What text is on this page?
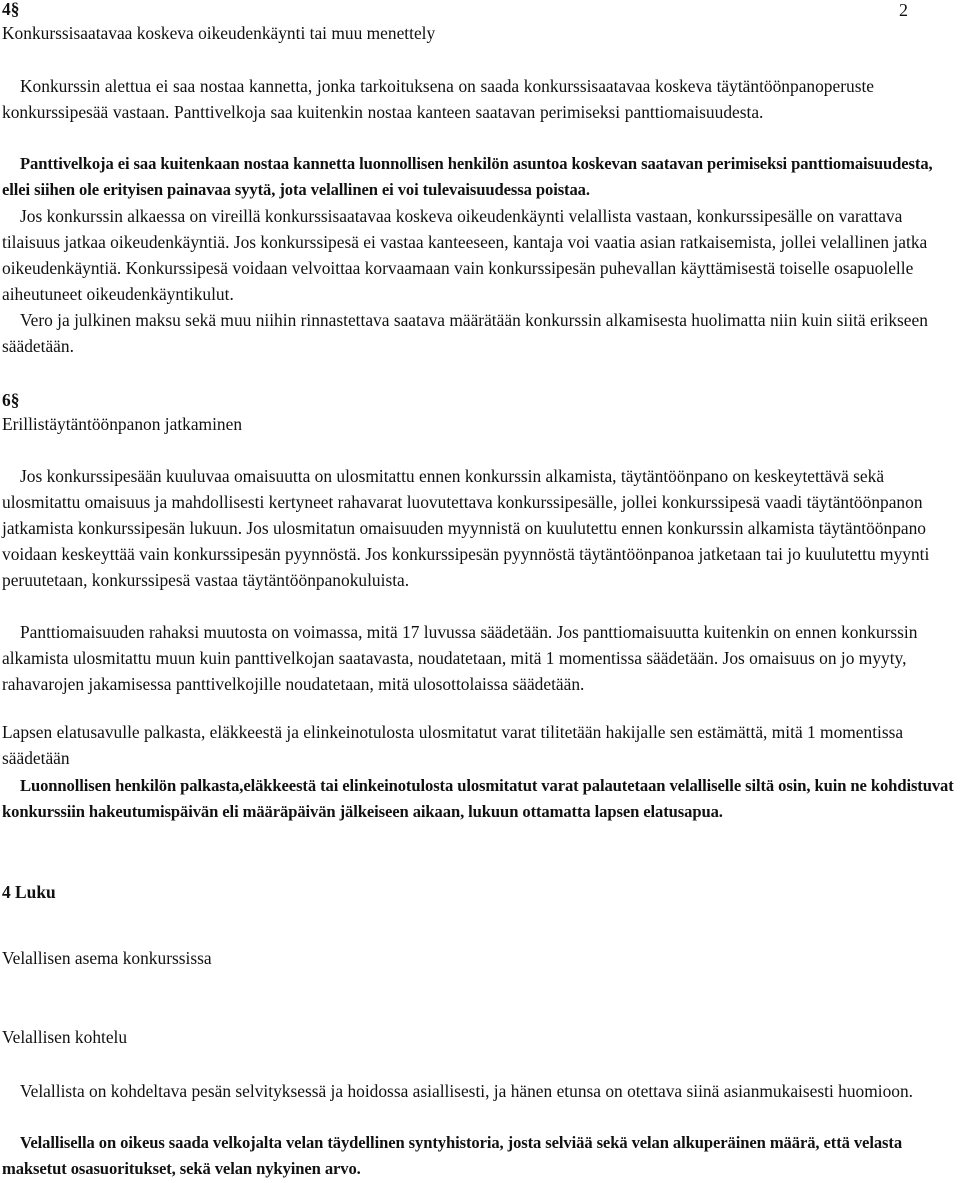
2
4§
Konkurssisaatavaa koskeva oikeudenkäynti tai muu menettely

Konkurssin alettua ei saa nostaa kannetta, jonka tarkoituksena on saada konkurssisaatavaa koskeva täytäntöönpanoperuste konkurssipesää vastaan. Panttivelkoja saa kuitenkin nostaa kanteen saatavan perimiseksi panttiomaisuudesta.

Panttivelkoja ei saa kuitenkaan nostaa kannetta luonnollisen henkilön asuntoa koskevan saatavan perimiseksi panttiomaisuudesta, ellei siihen ole erityisen painavaa syytä, jota velallinen ei voi tulevaisuudessa poistaa.

Jos konkurssin alkaessa on vireillä konkurssisaatavaa koskeva oikeudenkäynti velallista vastaan, konkurssipesälle on varattava tilaisuus jatkaa oikeudenkäyntiä. Jos konkurssipesä ei vastaa kanteeseen, kantaja voi vaatia asian ratkaisemista, jollei velallinen jatka oikeudenkäyntiä. Konkurssipesä voidaan velvoittaa korvaamaan vain konkurssipesän puhevallan käyttämisestä toiselle osapuolelle aiheutuneet oikeudenkäyntikulut.

Vero ja julkinen maksu sekä muu niihin rinnastettava saatava määrätään konkurssin alkamisesta huolimatta niin kuin siitä erikseen säädetään.

6§
Erillistäytäntöönpanon jatkaminen

Jos konkurssipesään kuuluvaa omaisuutta on ulosmitattu ennen konkurssin alkamista, täytäntöönpano on keskeytettävä sekä ulosmitattu omaisuus ja mahdollisesti kertyneet rahavarat luovutettava konkurssipesälle, jollei konkurssipesä vaadi täytäntöönpanon jatkamista konkurssipesän lukuun. Jos ulosmitatun omaisuuden myynnistä on kuulutettu ennen konkurssin alkamista täytäntöönpano voidaan keskeyttää vain konkurssipesän pyynnöstä. Jos konkurssipesän pyynnöstä täytäntöönpanoa jatketaan tai jo kuulutettu myynti peruutetaan, konkurssipesä vastaa täytäntöönpanokuluista.

Panttiomaisuuden rahaksi muutosta on voimassa, mitä 17 luvussa säädetään. Jos panttiomaisuutta kuitenkin on ennen konkurssin alkamista ulosmitattu muun kuin panttivelkojan saatavasta, noudatetaan, mitä 1 momentissa säädetään. Jos omaisuus on jo myyty, rahavarojen jakamisessa panttivelkojille noudatetaan, mitä ulosottolaissa säädetään.

Lapsen elatusavulle palkasta, eläkkeestä ja elinkeinotulosta ulosmitatut varat tilitetään hakijalle sen estämättä, mitä 1 momentissa säädetään

Luonnollisen henkilön palkasta,eläkkeestä tai elinkeinotulosta ulosmitatut varat palautetaan velalliselle siltä osin, kuin ne kohdistuvat konkurssiin hakeutumispäivän eli määräpäivän jälkeiseen aikaan, lukuun ottamatta lapsen elatusapua.

4 Luku
Velallisen asema konkurssissa
Velallisen kohtelu

Velallista on kohdeltava pesän selvityksessä ja hoidossa asiallisesti, ja hänen etunsa on otettava siinä asianmukaisesti huomioon.

Velallisella on oikeus saada velkojalta velan täydellinen syntyhistoria, josta selviää sekä velan alkuperäinen määrä, että velasta maksetut osasuoritukset, sekä velan nykyinen arvo.
